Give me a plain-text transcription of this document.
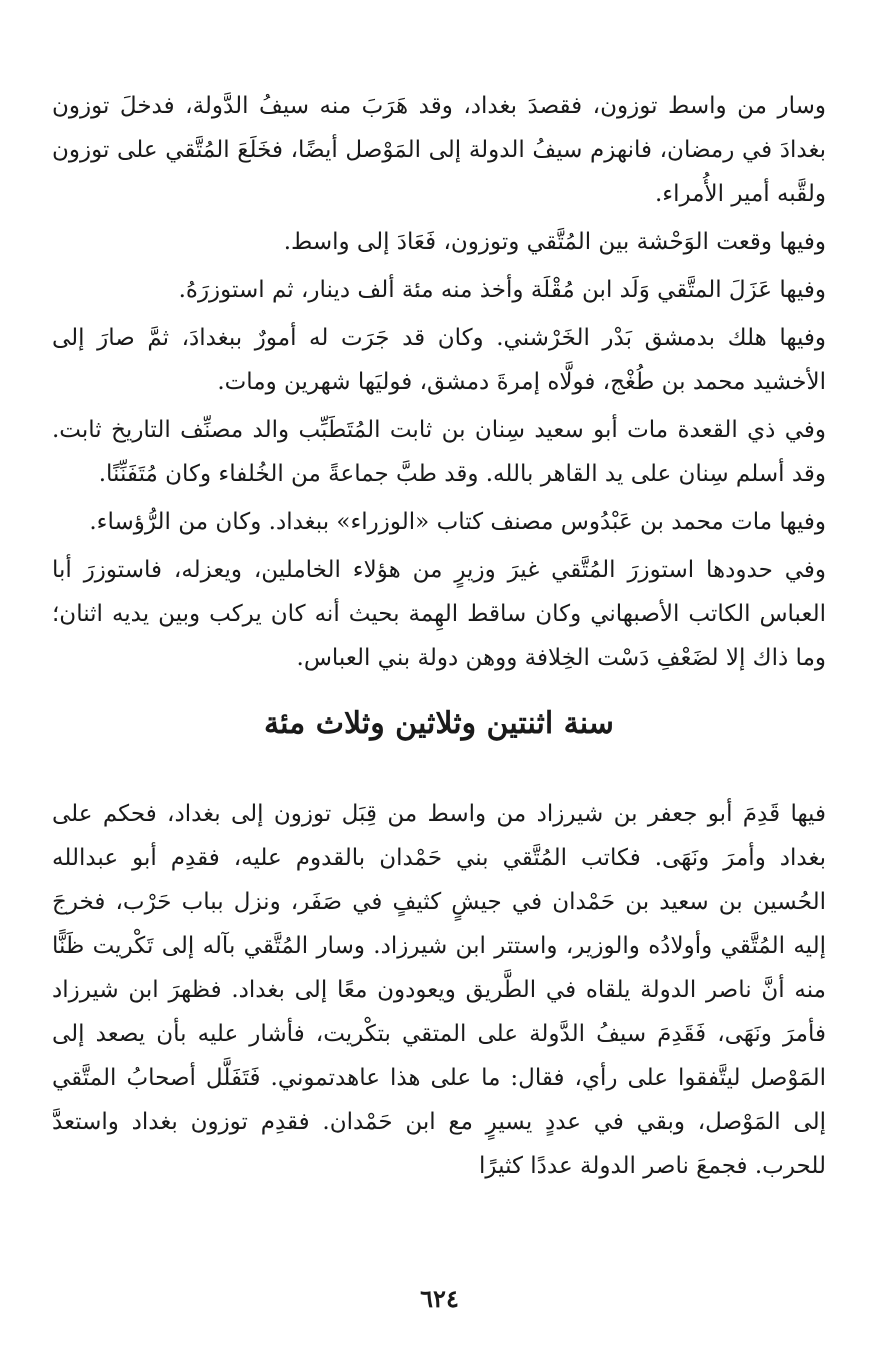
وسار من واسط توزون، فقصدَ بغداد، وقد هَرَبَ منه سيفُ الدَّولة، فدخلَ توزون بغدادَ في رمضان، فانهزم سيفُ الدولة إلى المَوْصل أيضًا، فخَلَعَ المُتَّقي على توزون ولقَّبه أمير الأُمراء.

وفيها وقعت الوَحْشة بين المُتَّقي وتوزون، فَعَادَ إلى واسط.

وفيها عَزَلَ المتَّقي وَلَد ابن مُقْلَة وأخذ منه مئة ألف دينار، ثم استوزرَهُ.

وفيها هلك بدمشق بَدْر الخَرْشني. وكان قد جَرَت له أمورٌ ببغدادَ، ثمَّ صارَ إلى الأخشيد محمد بن طُغْج، فولَّاه إمرةَ دمشق، فوليَها شهرين ومات.

وفي ذي القعدة مات أبو سعيد سِنان بن ثابت المُتَطَبِّب والد مصنِّف التاريخ ثابت. وقد أسلم سِنان على يد القاهر بالله. وقد طبَّ جماعةً من الخُلفاء وكان مُتَفَنِّنًا.

وفيها مات محمد بن عَبْدُوس مصنف كتاب «الوزراء» ببغداد. وكان من الرُّؤساء.

وفي حدودها استوزرَ المُتَّقي غيرَ وزيرٍ من هؤلاء الخاملين، ويعزله، فاستوزرَ أبا العباس الكاتب الأصبهاني وكان ساقط الهِمة بحيث أنه كان يركب وبين يديه اثنان؛ وما ذاك إلا لضَعْفِ دَسْت الخِلافة ووهن دولة بني العباس.

سنة اثنتين وثلاثين وثلاث مئة

فيها قَدِمَ أبو جعفر بن شيرزاد من واسط من قِبَل توزون إلى بغداد، فحكم على بغداد وأمرَ ونَهَى. فكاتب المُتَّقي بني حَمْدان بالقدوم عليه، فقدِم أبو عبدالله الحُسين بن سعيد بن حَمْدان في جيشٍ كثيفٍ في صَفَر، ونزل بباب حَرْب، فخرجَ إليه المُتَّقي وأولادُه والوزير، واستتر ابن شيرزاد. وسار المُتَّقي بآله إلى تَكْريت ظَنًّا منه أنَّ ناصر الدولة يلقاه في الطَّريق ويعودون معًا إلى بغداد. فظهرَ ابن شيرزاد فأمرَ ونَهَى، فَقَدِمَ سيفُ الدَّولة على المتقي بتكْريت، فأشار عليه بأن يصعد إلى المَوْصل ليتَّفقوا على رأي، فقال: ما على هذا عاهدتموني. فَتَفَلَّل أصحابُ المتَّقي إلى المَوْصل، وبقي في عددٍ يسيرٍ مع ابن حَمْدان. فقدِم توزون بغداد واستعدَّ للحرب. فجمعَ ناصر الدولة عددًا كثيرًا

٦٢٤
